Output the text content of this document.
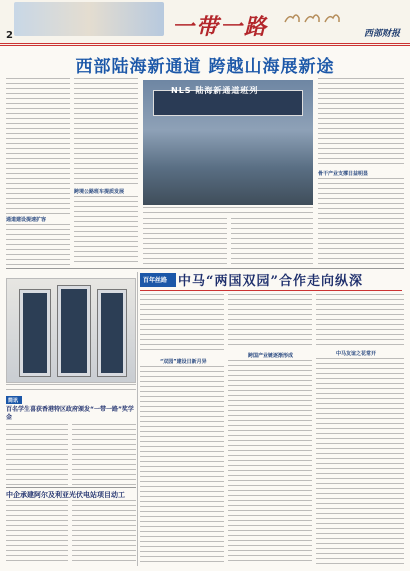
2	一带一路	西部财报
西部陆海新通道 跨越山海展新途
通道建设提速扩容
跨境公路班车提质发展
NLS 陆海新通道班列
骨干产业支撑日益明显
百年丝路 中马“两国双园”合作走向纵深
“双园”建设日新月异
跨国产业链逐渐形成	中马友谊之花常开
简讯
百名学生喜获香港特区政府颁发“一带一路”奖学金
中企承建阿尔及利亚光伏电站项目动工
